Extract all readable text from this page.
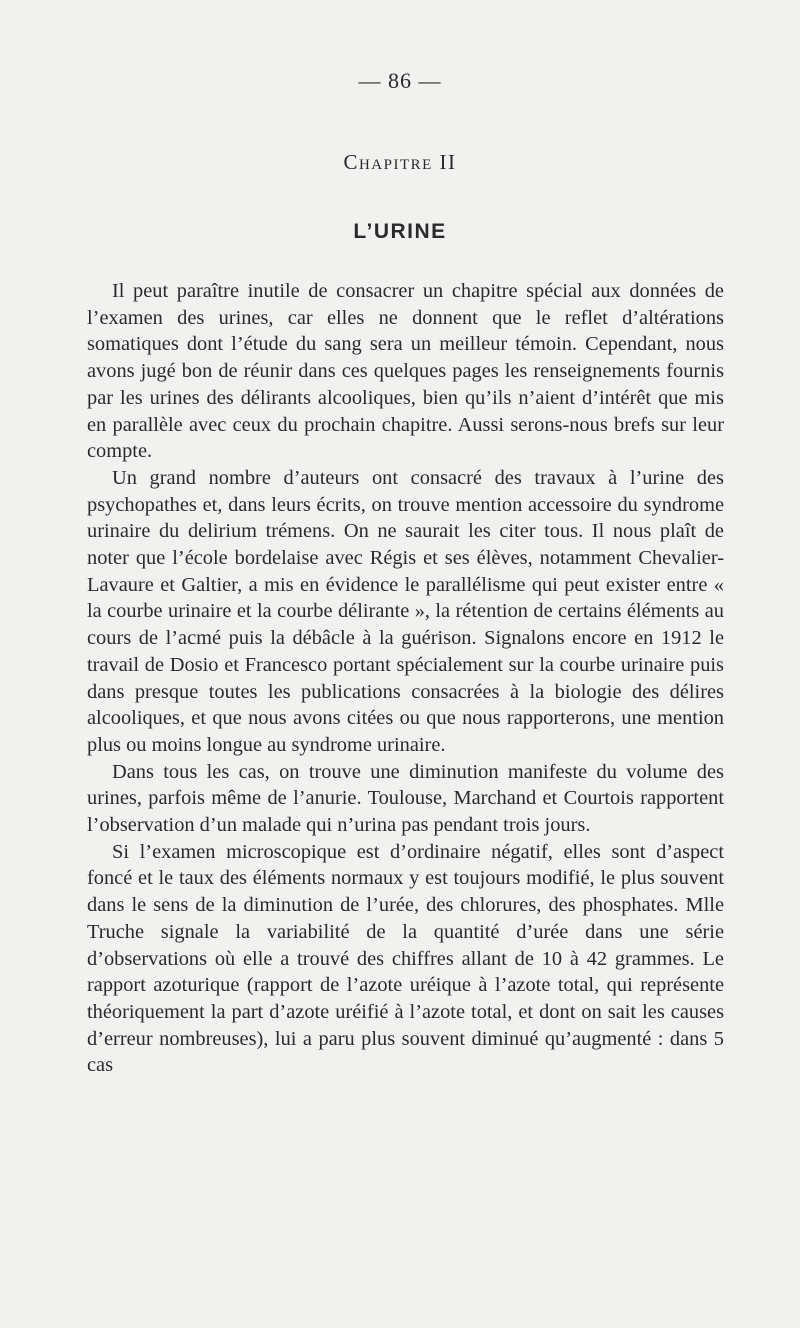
— 86 —
Chapitre II
L’URINE

Il peut paraître inutile de consacrer un chapitre spécial aux données de l’examen des urines, car elles ne donnent que le reflet d’altérations somatiques dont l’étude du sang sera un meilleur témoin. Cependant, nous avons jugé bon de réunir dans ces quelques pages les renseignements fournis par les urines des délirants alcooliques, bien qu’ils n’aient d’intérêt que mis en parallèle avec ceux du prochain chapitre. Aussi serons-nous brefs sur leur compte.

Un grand nombre d’auteurs ont consacré des travaux à l’urine des psychopathes et, dans leurs écrits, on trouve mention accessoire du syndrome urinaire du delirium trémens. On ne saurait les citer tous. Il nous plaît de noter que l’école bordelaise avec Régis et ses élèves, notamment Chevalier-Lavaure et Galtier, a mis en évidence le parallélisme qui peut exister entre « la courbe urinaire et la courbe délirante », la rétention de certains éléments au cours de l’acmé puis la débâcle à la guérison. Signalons encore en 1912 le travail de Dosio et Francesco portant spécialement sur la courbe urinaire puis dans presque toutes les publications consacrées à la biologie des délires alcooliques, et que nous avons citées ou que nous rapporterons, une mention plus ou moins longue au syndrome urinaire.

Dans tous les cas, on trouve une diminution manifeste du volume des urines, parfois même de l’anurie. Toulouse, Marchand et Courtois rapportent l’observation d’un malade qui n’urina pas pendant trois jours.

Si l’examen microscopique est d’ordinaire négatif, elles sont d’aspect foncé et le taux des éléments normaux y est toujours modifié, le plus souvent dans le sens de la diminution de l’urée, des chlorures, des phosphates. Mlle Truche signale la variabilité de la quantité d’urée dans une série d’observations où elle a trouvé des chiffres allant de 10 à 42 grammes. Le rapport azoturique (rapport de l’azote uréique à l’azote total, qui représente théoriquement la part d’azote uréifié à l’azote total, et dont on sait les causes d’erreur nombreuses), lui a paru plus souvent diminué qu’augmenté : dans 5 cas
